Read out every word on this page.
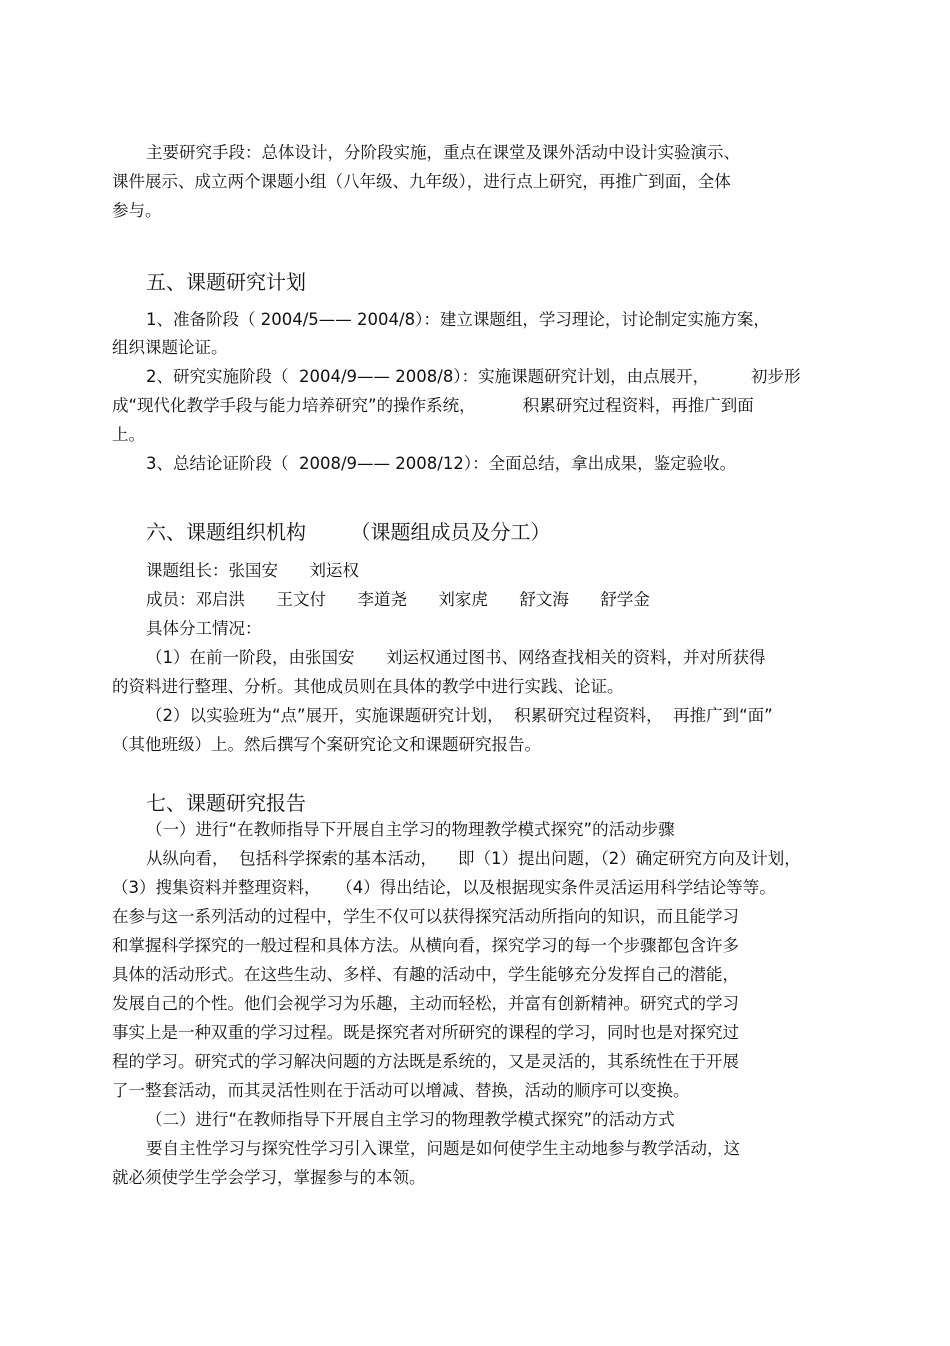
主要研究手段：总体设计，分阶段实施，重点在课堂及课外活动中设计实验演示、
课件展示、成立两个课题小组（八年级、九年级），进行点上研究，再推广到面，全体
参与。
五、课题研究计划
1、准备阶段（ 2004/5—— 2004/8）：建立课题组，学习理论，讨论制定实施方案，
组织课题论证。
2、研究实施阶段（  2004/9—— 2008/8）：实施课题研究计划，由点展开，        初步形
成“现代化教学手段与能力培养研究”的操作系统，         积累研究过程资料，再推广到面
上。
3、总结论证阶段（  2008/9—— 2008/12）：全面总结，拿出成果，鉴定验收。
六、课题组织机构       （课题组成员及分工）
课题组长：张国安      刘运权
成员：邓启洪      王文付      李道尧      刘家虎      舒文海      舒学金
具体分工情况：
（1）在前一阶段，由张国安      刘运权通过图书、网络查找相关的资料，并对所获得
的资料进行整理、分析。其他成员则在具体的教学中进行实践、论证。
（2）以实验班为“点”展开，实施课题研究计划，  积累研究过程资料，  再推广到“面”
（其他班级）上。然后撰写个案研究论文和课题研究报告。
七、课题研究报告
（一）进行“在教师指导下开展自主学习的物理教学模式探究”的活动步骤
从纵向看，  包括科学探索的基本活动，    即（1）提出问题，（2）确定研究方向及计划，
（3）搜集资料并整理资料，   （4）得出结论，以及根据现实条件灵活运用科学结论等等。
在参与这一系列活动的过程中，学生不仅可以获得探究活动所指向的知识，而且能学习
和掌握科学探究的一般过程和具体方法。从横向看，探究学习的每一个步骤都包含许多
具体的活动形式。在这些生动、多样、有趣的活动中，学生能够充分发挥自己的潜能，
发展自己的个性。他们会视学习为乐趣，主动而轻松，并富有创新精神。研究式的学习
事实上是一种双重的学习过程。既是探究者对所研究的课程的学习，同时也是对探究过
程的学习。研究式的学习解决问题的方法既是系统的，又是灵活的，其系统性在于开展
了一整套活动，而其灵活性则在于活动可以增减、替换，活动的顺序可以变换。
（二）进行“在教师指导下开展自主学习的物理教学模式探究”的活动方式
要自主性学习与探究性学习引入课堂，问题是如何使学生主动地参与教学活动，这
就必须使学生学会学习，掌握参与的本领。
